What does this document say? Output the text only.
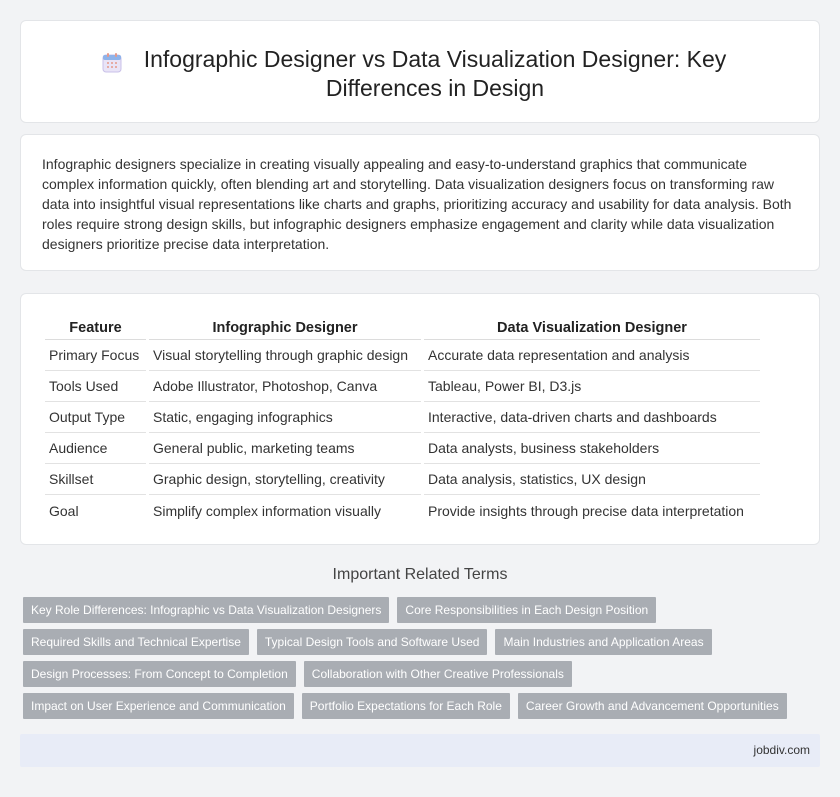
Infographic Designer vs Data Visualization Designer: Key Differences in Design

Infographic designers specialize in creating visually appealing and easy-to-understand graphics that communicate complex information quickly, often blending art and storytelling. Data visualization designers focus on transforming raw data into insightful visual representations like charts and graphs, prioritizing accuracy and usability for data analysis. Both roles require strong design skills, but infographic designers emphasize engagement and clarity while data visualization designers prioritize precise data interpretation.

Feature	Infographic Designer	Data Visualization Designer
Primary Focus	Visual storytelling through graphic design	Accurate data representation and analysis
Tools Used	Adobe Illustrator, Photoshop, Canva	Tableau, Power BI, D3.js
Output Type	Static, engaging infographics	Interactive, data-driven charts and dashboards
Audience	General public, marketing teams	Data analysts, business stakeholders
Skillset	Graphic design, storytelling, creativity	Data analysis, statistics, UX design
Goal	Simplify complex information visually	Provide insights through precise data interpretation
Important Related Terms
Key Role Differences: Infographic vs Data Visualization Designers	Core Responsibilities in Each Design Position
Required Skills and Technical Expertise	Typical Design Tools and Software Used	Main Industries and Application Areas
Design Processes: From Concept to Completion	Collaboration with Other Creative Professionals
Impact on User Experience and Communication	Portfolio Expectations for Each Role	Career Growth and Advancement Opportunities
jobdiv.com
